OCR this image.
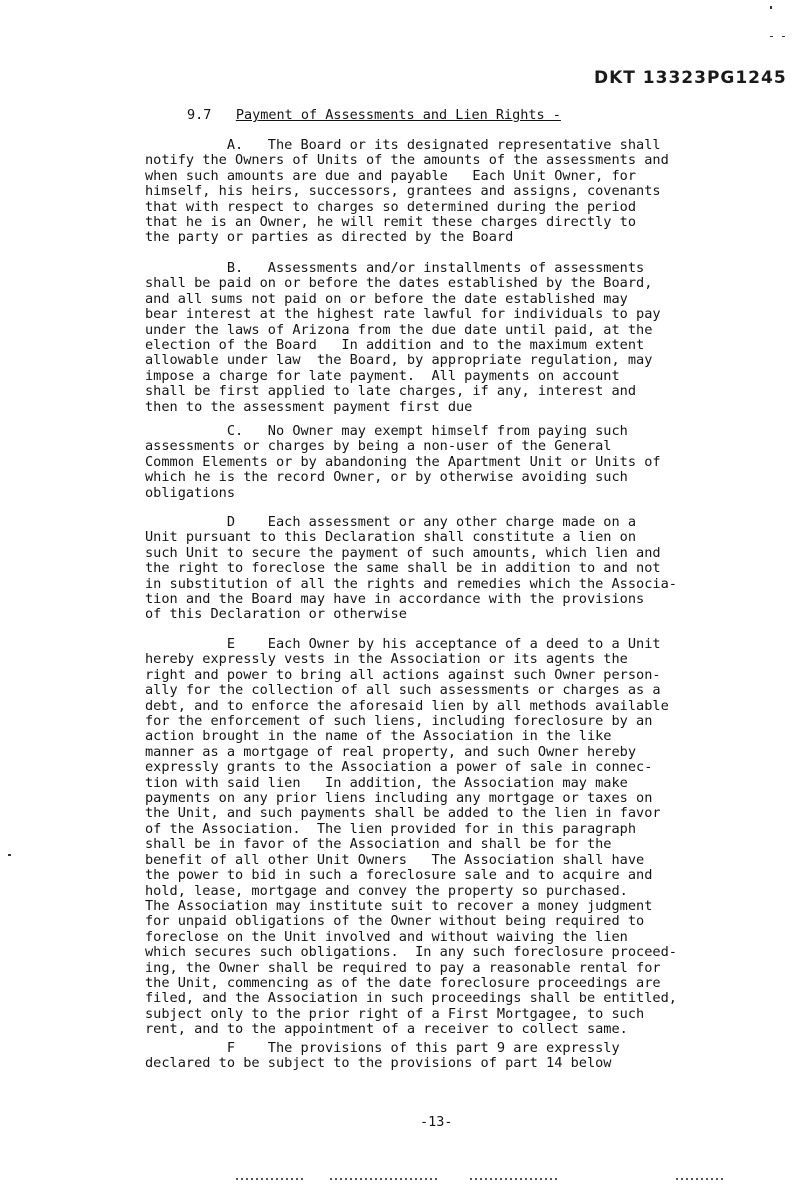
DKT 13323PG1245
9.7 Payment of Assessments and Lien Rights -
A.   The Board or its designated representative shall
notify the Owners of Units of the amounts of the assessments and
when such amounts are due and payable   Each Unit Owner, for
himself, his heirs, successors, grantees and assigns, covenants
that with respect to charges so determined during the period
that he is an Owner, he will remit these charges directly to
the party or parties as directed by the Board
B.   Assessments and/or installments of assessments
shall be paid on or before the dates established by the Board,
and all sums not paid on or before the date established may
bear interest at the highest rate lawful for individuals to pay
under the laws of Arizona from the due date until paid, at the
election of the Board   In addition and to the maximum extent
allowable under law  the Board, by appropriate regulation, may
impose a charge for late payment.  All payments on account
shall be first applied to late charges, if any, interest and
then to the assessment payment first due
C.   No Owner may exempt himself from paying such
assessments or charges by being a non-user of the General
Common Elements or by abandoning the Apartment Unit or Units of
which he is the record Owner, or by otherwise avoiding such
obligations
D    Each assessment or any other charge made on a
Unit pursuant to this Declaration shall constitute a lien on
such Unit to secure the payment of such amounts, which lien and
the right to foreclose the same shall be in addition to and not
in substitution of all the rights and remedies which the Associa-
tion and the Board may have in accordance with the provisions
of this Declaration or otherwise
E    Each Owner by his acceptance of a deed to a Unit
hereby expressly vests in the Association or its agents the
right and power to bring all actions against such Owner person-
ally for the collection of all such assessments or charges as a
debt, and to enforce the aforesaid lien by all methods available
for the enforcement of such liens, including foreclosure by an
action brought in the name of the Association in the like
manner as a mortgage of real property, and such Owner hereby
expressly grants to the Association a power of sale in connec-
tion with said lien   In addition, the Association may make
payments on any prior liens including any mortgage or taxes on
the Unit, and such payments shall be added to the lien in favor
of the Association.  The lien provided for in this paragraph
shall be in favor of the Association and shall be for the
benefit of all other Unit Owners   The Association shall have
the power to bid in such a foreclosure sale and to acquire and
hold, lease, mortgage and convey the property so purchased.
The Association may institute suit to recover a money judgment
for unpaid obligations of the Owner without being required to
foreclose on the Unit involved and without waiving the lien
which secures such obligations.  In any such foreclosure proceed-
ing, the Owner shall be required to pay a reasonable rental for
the Unit, commencing as of the date foreclosure proceedings are
filed, and the Association in such proceedings shall be entitled,
subject only to the prior right of a First Mortgagee, to such
rent, and to the appointment of a receiver to collect same.
F    The provisions of this part 9 are expressly
declared to be subject to the provisions of part 14 below
-13-
